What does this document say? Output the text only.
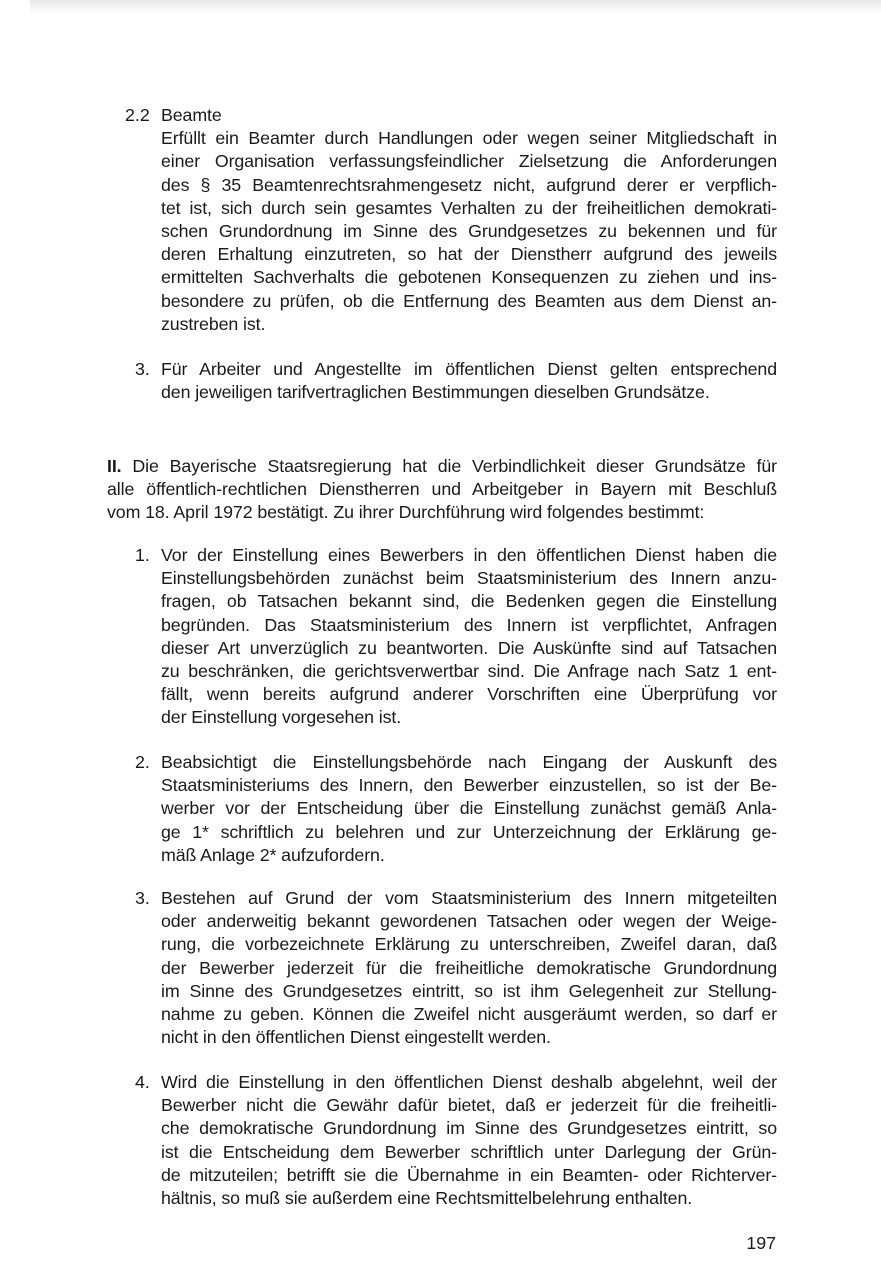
2.2 Beamte
Erfüllt ein Beamter durch Handlungen oder wegen seiner Mitgliedschaft in
einer Organisation verfassungsfeindlicher Zielsetzung die Anforderungen
des § 35 Beamtenrechtsrahmengesetz nicht, aufgrund derer er verpflich-
tet ist, sich durch sein gesamtes Verhalten zu der freiheitlichen demokrati-
schen Grundordnung im Sinne des Grundgesetzes zu bekennen und für
deren Erhaltung einzutreten, so hat der Dienstherr aufgrund des jeweils
ermittelten Sachverhalts die gebotenen Konsequenzen zu ziehen und ins-
besondere zu prüfen, ob die Entfernung des Beamten aus dem Dienst an-
zustreben ist.
3. Für Arbeiter und Angestellte im öffentlichen Dienst gelten entsprechend
den jeweiligen tarifvertraglichen Bestimmungen dieselben Grundsätze.
II. Die Bayerische Staatsregierung hat die Verbindlichkeit dieser Grundsätze für
alle öffentlich-rechtlichen Dienstherren und Arbeitgeber in Bayern mit Beschluß
vom 18. April 1972 bestätigt. Zu ihrer Durchführung wird folgendes bestimmt:
1. Vor der Einstellung eines Bewerbers in den öffentlichen Dienst haben die
Einstellungsbehörden zunächst beim Staatsministerium des Innern anzu-
fragen, ob Tatsachen bekannt sind, die Bedenken gegen die Einstellung
begründen. Das Staatsministerium des Innern ist verpflichtet, Anfragen
dieser Art unverzüglich zu beantworten. Die Auskünfte sind auf Tatsachen
zu beschränken, die gerichtsverwertbar sind. Die Anfrage nach Satz 1 ent-
fällt, wenn bereits aufgrund anderer Vorschriften eine Überprüfung vor
der Einstellung vorgesehen ist.
2. Beabsichtigt die Einstellungsbehörde nach Eingang der Auskunft des
Staatsministeriums des Innern, den Bewerber einzustellen, so ist der Be-
werber vor der Entscheidung über die Einstellung zunächst gemäß Anla-
ge 1* schriftlich zu belehren und zur Unterzeichnung der Erklärung ge-
mäß Anlage 2* aufzufordern.
3. Bestehen auf Grund der vom Staatsministerium des Innern mitgeteilten
oder anderweitig bekannt gewordenen Tatsachen oder wegen der Weige-
rung, die vorbezeichnete Erklärung zu unterschreiben, Zweifel daran, daß
der Bewerber jederzeit für die freiheitliche demokratische Grundordnung
im Sinne des Grundgesetzes eintritt, so ist ihm Gelegenheit zur Stellung-
nahme zu geben. Können die Zweifel nicht ausgeräumt werden, so darf er
nicht in den öffentlichen Dienst eingestellt werden.
4. Wird die Einstellung in den öffentlichen Dienst deshalb abgelehnt, weil der
Bewerber nicht die Gewähr dafür bietet, daß er jederzeit für die freiheitli-
che demokratische Grundordnung im Sinne des Grundgesetzes eintritt, so
ist die Entscheidung dem Bewerber schriftlich unter Darlegung der Grün-
de mitzuteilen; betrifft sie die Übernahme in ein Beamten- oder Richterver-
hältnis, so muß sie außerdem eine Rechtsmittelbelehrung enthalten.
197
